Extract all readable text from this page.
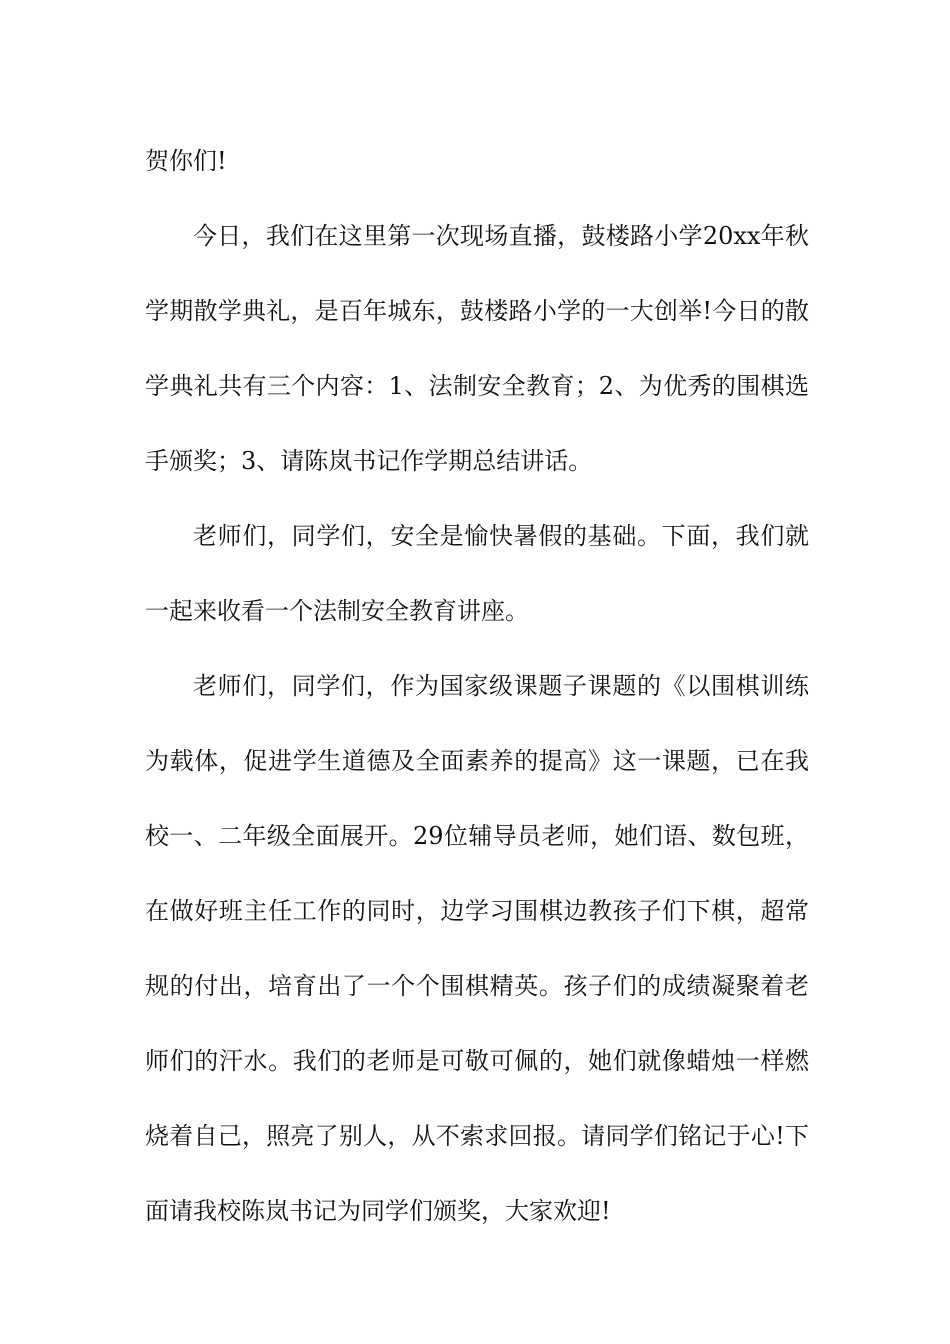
贺你们!

今日，我们在这里第一次现场直播，鼓楼路小学20xx年秋学期散学典礼，是百年城东，鼓楼路小学的一大创举!今日的散学典礼共有三个内容：1、法制安全教育；2、为优秀的围棋选手颁奖；3、请陈岚书记作学期总结讲话。

老师们，同学们，安全是愉快暑假的基础。下面，我们就一起来收看一个法制安全教育讲座。

老师们，同学们，作为国家级课题子课题的《以围棋训练为载体，促进学生道德及全面素养的提高》这一课题，已在我校一、二年级全面展开。29位辅导员老师，她们语、数包班，在做好班主任工作的同时，边学习围棋边教孩子们下棋，超常规的付出，培育出了一个个围棋精英。孩子们的成绩凝聚着老师们的汗水。我们的老师是可敬可佩的，她们就像蜡烛一样燃烧着自己，照亮了别人，从不索求回报。请同学们铭记于心!下面请我校陈岚书记为同学们颁奖，大家欢迎!
